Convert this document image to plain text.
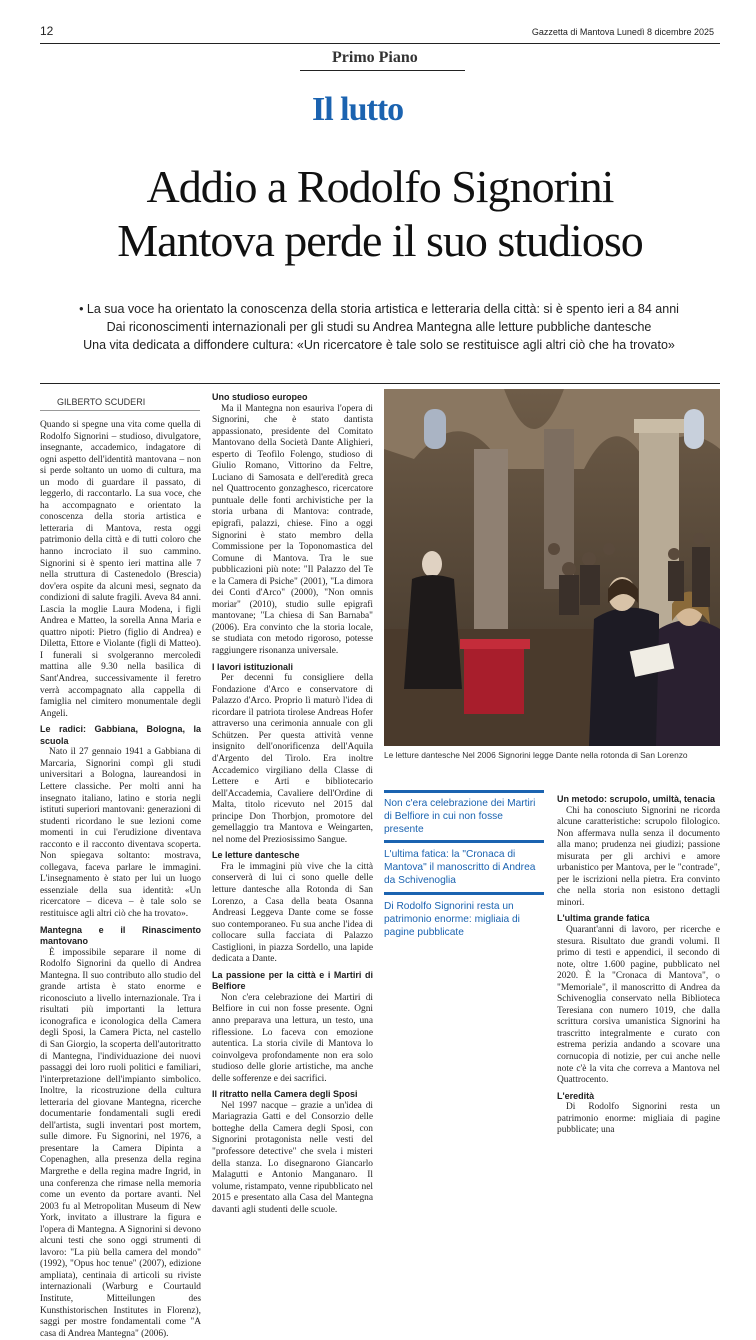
12	Gazzetta di Mantova Lunedì 8 dicembre 2025
Primo Piano
Il lutto
Addio a Rodolfo Signorini
Mantova perde il suo studioso
• La sua voce ha orientato la conoscenza della storia artistica e letteraria della città: si è spento ieri a 84 anni
Dai riconoscimenti internazionali per gli studi su Andrea Mantegna alle letture pubbliche dantesche
Una vita dedicata a diffondere cultura: «Un ricercatore è tale solo se restituisce agli altri ciò che ha trovato»
GILBERTO SCUDERI

Quando si spegne una vita come quella di Rodolfo Signorini – studioso, divulgatore, insegnante, accademico, indagatore di ogni aspetto dell'identità mantovana – non si perde soltanto un uomo di cultura, ma un modo di guardare il passato, di leggerlo, di raccontarlo. La sua voce, che ha accompagnato e orientato la conoscenza della storia artistica e letteraria di Mantova, resta oggi patrimonio della città e di tutti coloro che hanno incrociato il suo cammino. Signorini si è spento ieri mattina alle 7 nella struttura di Castenedolo (Brescia) dov'era ospite da alcuni mesi, segnato da condizioni di salute fragili. Aveva 84 anni. Lascia la moglie Laura Modena, i figli Andrea e Matteo, la sorella Anna Maria e quattro nipoti: Pietro (figlio di Andrea) e Diletta, Ettore e Violante (figli di Matteo). I funerali si svolgeranno mercoledì mattina alle 9.30 nella basilica di Sant'Andrea, successivamente il feretro verrà accompagnato alla cappella di famiglia nel cimitero monumentale degli Angeli.

Le radici: Gabbiana, Bologna, la scuola

Nato il 27 gennaio 1941 a Gabbiana di Marcaria, Signorini compì gli studi universitari a Bologna, laureandosi in Lettere classiche. Per molti anni ha insegnato italiano, latino e storia negli istituti superiori mantovani: generazioni di studenti ricordano le sue lezioni come momenti in cui l'erudizione diventava racconto e il racconto diventava scoperta. Non spiegava soltanto: mostrava, collegava, faceva parlare le immagini. L'insegnamento è stato per lui un luogo essenziale della sua identità: «Un ricercatore – diceva – è tale solo se restituisce agli altri ciò che ha trovato».

Mantegna e il Rinascimento mantovano

È impossibile separare il nome di Rodolfo Signorini da quello di Andrea Mantegna. Il suo contributo allo studio del grande artista è stato enorme e riconosciuto a livello internazionale. Tra i risultati più importanti la lettura iconografica e iconologica della Camera degli Sposi, la Camera Picta, nel castello di San Giorgio, la scoperta dell'autoritratto di Mantegna, l'individuazione dei nuovi passaggi dei loro ruoli politici e familiari, l'interpretazione dell'impianto simbolico. Inoltre, la ricostruzione della cultura letteraria del giovane Mantegna, ricerche documentarie fondamentali sugli eredi dell'artista, sugli inventari post mortem, sulle dimore. Fu Signorini, nel 1976, a presentare la Camera Dipinta a Copenaghen, alla presenza della regina Margrethe e della regina madre Ingrid, in una conferenza che rimase nella memoria come un evento da portare avanti. Nel 2003 fu al Metropolitan Museum di New York, invitato a illustrare la figura e l'opera di Mantegna. A Signorini si devono alcuni testi che sono oggi strumenti di lavoro: "La più bella camera del mondo" (1992), "Opus hoc tenue" (2007), edizione ampliata), centinaia di articoli su riviste internazionali (Warburg e Courtauld Institute, Mitteilungen des Kunsthistorischen Institutes in Florenz), saggi per mostre fondamentali come "A casa di Andrea Mantegna" (2006).

Uno studioso europeo

Ma il Mantegna non esauriva l'opera di Signorini, che è stato dantista appassionato, presidente del Comitato Mantovano della Società Dante Alighieri, esperto di Teofilo Folengo, studioso di Giulio Romano, Vittorino da Feltre, Luciano di Samosata e dell'eredità greca nel Quattrocento gonzaghesco, ricercatore puntuale delle fonti archivistiche per la storia urbana di Mantova: contrade, epigrafi, palazzi, chiese. Fino a oggi Signorini è stato membro della Commissione per la Toponomastica del Comune di Mantova. Tra le sue pubblicazioni più note: "Il Palazzo del Te e la Camera di Psiche" (2001), "La dimora dei Conti d'Arco" (2000), "Non omnis moriar" (2010), studio sulle epigrafi mantovane; "La chiesa di San Barnaba" (2006). Era convinto che la storia locale, se studiata con metodo rigoroso, potesse raggiungere risonanza universale.

I lavori istituzionali

Per decenni fu consigliere della Fondazione d'Arco e conservatore di Palazzo d'Arco. Proprio lì maturò l'idea di ricordare il patriota tirolese Andreas Hofer attraverso una cerimonia annuale con gli Schützen. Per questa attività venne insignito dell'onorificenza dell'Aquila d'Argento del Tirolo. Era inoltre Accademico virgiliano della Classe di Lettere e Arti e bibliotecario dell'Accademia, Cavaliere dell'Ordine di Malta, titolo ricevuto nel 2015 dal principe Don Thorbjon, promotore del gemellaggio tra Mantova e Weingarten, nel nome del Preziosissimo Sangue.

Le letture dantesche

Fra le immagini più vive che la città conserverà di lui ci sono quelle delle letture dantesche alla Rotonda di San Lorenzo, a Casa della beata Osanna Andreasi Leggeva Dante come se fosse suo contemporaneo. Fu sua anche l'idea di collocare sulla facciata di Palazzo Castiglioni, in piazza Sordello, una lapide dedicata a Dante.

La passione per la città e i Martiri di Belfiore

Non c'era celebrazione dei Martiri di Belfiore in cui non fosse presente. Ogni anno preparava una lettura, un testo, una riflessione. Lo faceva con emozione autentica. La storia civile di Mantova lo coinvolgeva profondamente non era solo studioso delle glorie artistiche, ma anche delle sofferenze e dei sacrifici.

Il ritratto nella Camera degli Sposi

Nel 1997 nacque – grazie a un'idea di Mariagrazia Gatti e del Consorzio delle botteghe della Camera degli Sposi, con Signorini protagonista nelle vesti del "professore detective" che svela i misteri della stanza. Lo disegnarono Giancarlo Malagutti e Antonio Manganaro. Il volume, ristampato, venne ripubblicato nel 2015 e presentato alla Casa del Mantegna davanti agli studenti delle scuole.

Le letture dantesche Nel 2006 Signorini legge Dante nella rotonda di San Lorenzo
Non c'era celebrazione dei Martiri di Belfiore in cui non fosse presente
L'ultima fatica: la "Cronaca di Mantova" il manoscritto di Andrea da Schivenoglia
Di Rodolfo Signorini resta un patrimonio enorme: migliaia di pagine pubblicate

Un metodo: scrupolo, umiltà, tenacia

Chi ha conosciuto Signorini ne ricorda alcune caratteristiche: scrupolo filologico. Non affermava nulla senza il documento alla mano; prudenza nei giudizi; passione misurata per gli archivi e amore urbanistico per Mantova, per le "contrade", per le iscrizioni nella pietra. Era convinto che nella storia non esistono dettagli minori.

L'ultima grande fatica

Quarant'anni di lavoro, per ricerche e stesura. Risultato due grandi volumi. Il primo di testi e appendici, il secondo di note, oltre 1.600 pagine, pubblicato nel 2020. È la "Cronaca di Mantova", o "Memoriale", il manoscritto di Andrea da Schivenoglia conservato nella Biblioteca Teresiana con numero 1019, che dalla scrittura corsiva umanistica Signorini ha trascritto integralmente e curato con estrema perizia andando a scovare una cornucopia di notizie, per cui anche nelle note c'è la vita che correva a Mantova nel Quattrocento.

L'eredità

Di Rodolfo Signorini resta un patrimonio enorme: migliaia di pagine pubblicate; una
